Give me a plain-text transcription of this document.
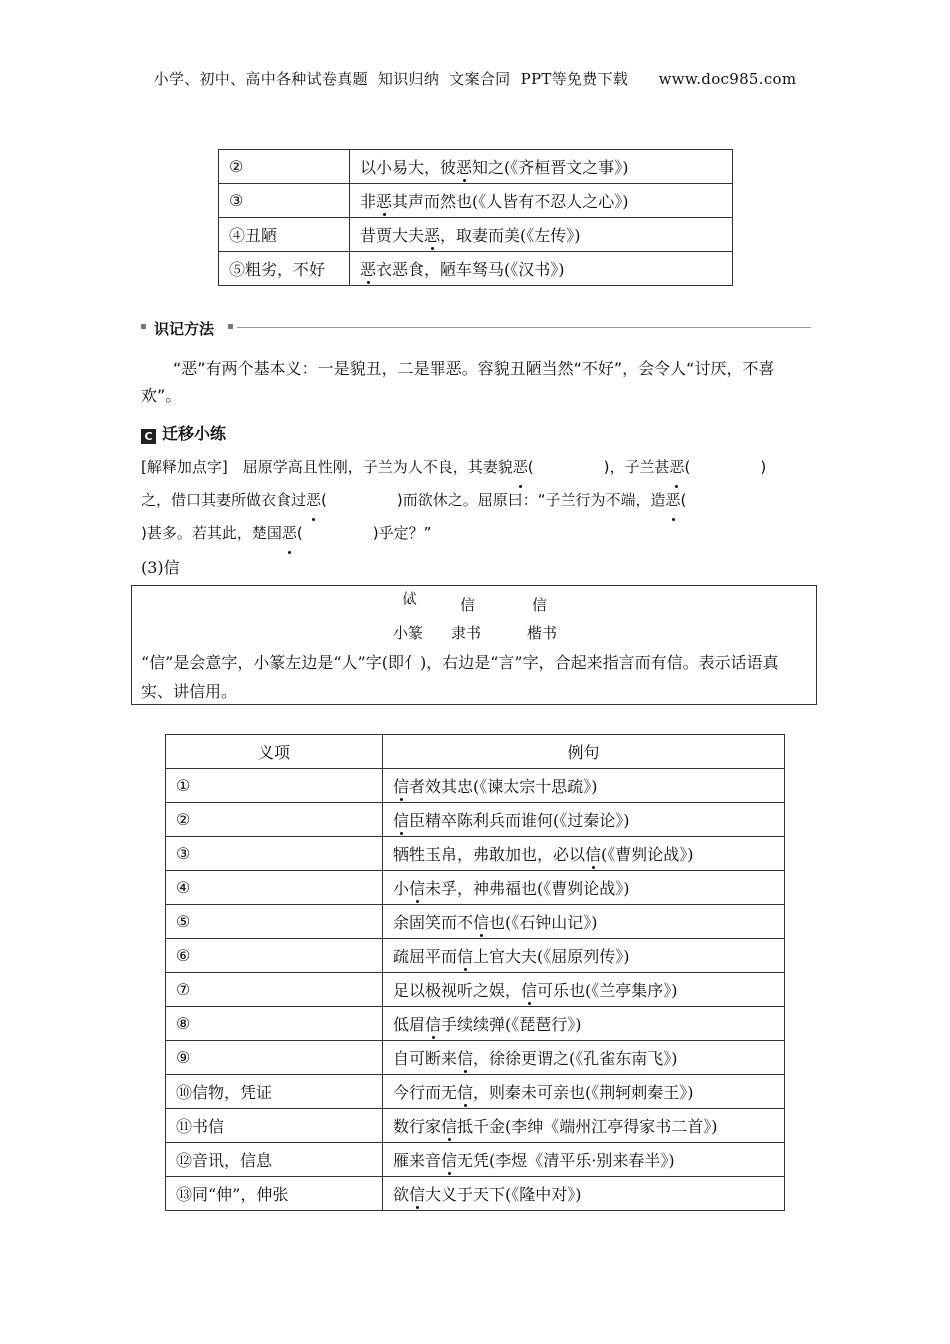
小学、初中、高中各种试卷真题  知识归纳  文案合同  PPT等免费下载      www.doc985.com
②	以小易大，彼恶知之(《齐桓晋文之事》)
③	非恶其声而然也(《人皆有不忍人之心》)
④丑陋	昔贾大夫恶，取妻而美(《左传》)
⑤粗劣，不好	恶衣恶食，陋车驽马(《汉书》)
识记方法
“恶”有两个基本义：一是貌丑，二是罪恶。容貌丑陋当然“不好”，会令人“讨厌，不喜
欢”。
C 迁移小练
[解释加点字]　屈原学高且性刚，子兰为人不良，其妻貌恶(	)，子兰甚恶(	)
之，借口其妻所做衣食过恶(	)而欲休之。屈原曰：“子兰行为不端，造恶(
)甚多。若其此，楚国恶(	)乎定？”
(3)信
𠈸	信	信
小篆 隶书	楷书
“信”是会意字，小篆左边是“人”字(即亻)，右边是“言”字，合起来指言而有信。表示话语真实、讲信用。
义项	例句
①	信者效其忠(《谏太宗十思疏》)
②	信臣精卒陈利兵而谁何(《过秦论》)
③	牺牲玉帛，弗敢加也，必以信(《曹刿论战》)
④	小信未孚，神弗福也(《曹刿论战》)
⑤	余固笑而不信也(《石钟山记》)
⑥	疏屈平而信上官大夫(《屈原列传》)
⑦	足以极视听之娱，信可乐也(《兰亭集序》)
⑧	低眉信手续续弹(《琵琶行》)
⑨	自可断来信，徐徐更谓之(《孔雀东南飞》)
⑩信物，凭证	今行而无信，则秦未可亲也(《荆轲刺秦王》)
⑪书信	数行家信抵千金(李绅《端州江亭得家书二首》)
⑫音讯，信息	雁来音信无凭(李煜《清平乐·别来春半》)
⑬同“伸”，伸张	欲信大义于天下(《隆中对》)
